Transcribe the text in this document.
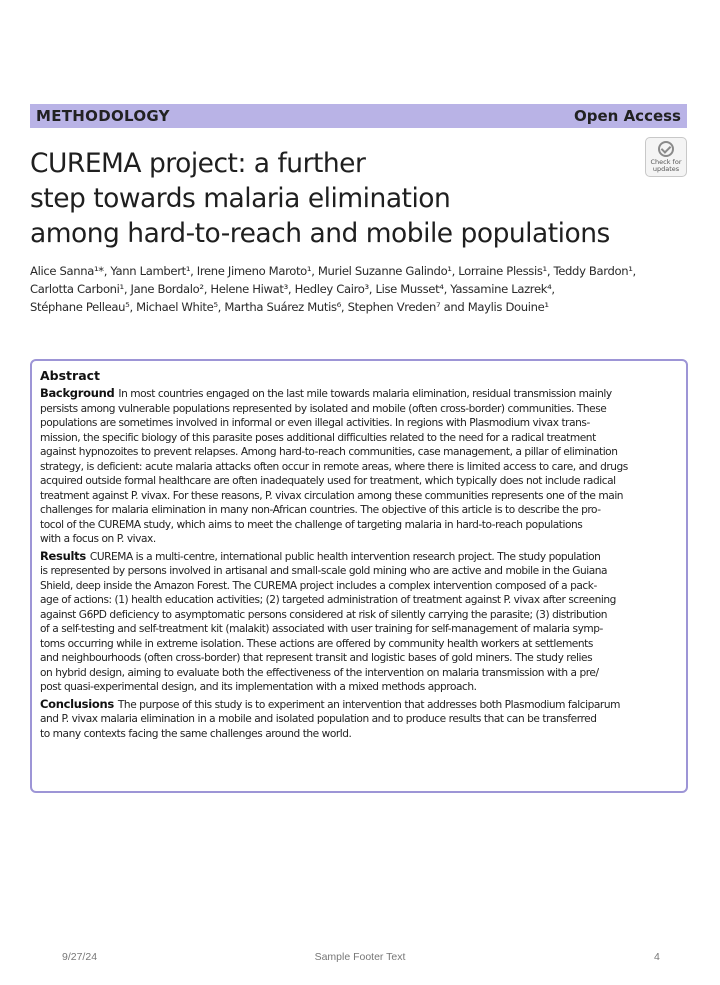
METHODOLOGY	Open Access
Check for
updates
CUREMA project: a further
step towards malaria elimination
among hard-to-reach and mobile populations
Alice Sanna¹*, Yann Lambert¹, Irene Jimeno Maroto¹, Muriel Suzanne Galindo¹, Lorraine Plessis¹, Teddy Bardon¹,
Carlotta Carboni¹, Jane Bordalo², Helene Hiwat³, Hedley Cairo³, Lise Musset⁴, Yassamine Lazrek⁴,
Stéphane Pelleau⁵, Michael White⁵, Martha Suárez Mutis⁶, Stephen Vreden⁷ and Maylis Douine¹
Abstract
Background In most countries engaged on the last mile towards malaria elimination, residual transmission mainly
persists among vulnerable populations represented by isolated and mobile (often cross-border) communities. These
populations are sometimes involved in informal or even illegal activities. In regions with Plasmodium vivax trans-
mission, the specific biology of this parasite poses additional difficulties related to the need for a radical treatment
against hypnozoites to prevent relapses. Among hard-to-reach communities, case management, a pillar of elimination
strategy, is deficient: acute malaria attacks often occur in remote areas, where there is limited access to care, and drugs
acquired outside formal healthcare are often inadequately used for treatment, which typically does not include radical
treatment against P. vivax. For these reasons, P. vivax circulation among these communities represents one of the main
challenges for malaria elimination in many non-African countries. The objective of this article is to describe the pro-
tocol of the CUREMA study, which aims to meet the challenge of targeting malaria in hard-to-reach populations
with a focus on P. vivax.
Results CUREMA is a multi-centre, international public health intervention research project. The study population
is represented by persons involved in artisanal and small-scale gold mining who are active and mobile in the Guiana
Shield, deep inside the Amazon Forest. The CUREMA project includes a complex intervention composed of a pack-
age of actions: (1) health education activities; (2) targeted administration of treatment against P. vivax after screening
against G6PD deficiency to asymptomatic persons considered at risk of silently carrying the parasite; (3) distribution
of a self-testing and self-treatment kit (malakit) associated with user training for self-management of malaria symp-
toms occurring while in extreme isolation. These actions are offered by community health workers at settlements
and neighbourhoods (often cross-border) that represent transit and logistic bases of gold miners. The study relies
on hybrid design, aiming to evaluate both the effectiveness of the intervention on malaria transmission with a pre/
post quasi-experimental design, and its implementation with a mixed methods approach.
Conclusions The purpose of this study is to experiment an intervention that addresses both Plasmodium falciparum
and P. vivax malaria elimination in a mobile and isolated population and to produce results that can be transferred
to many contexts facing the same challenges around the world.
9/27/24	Sample Footer Text	4
